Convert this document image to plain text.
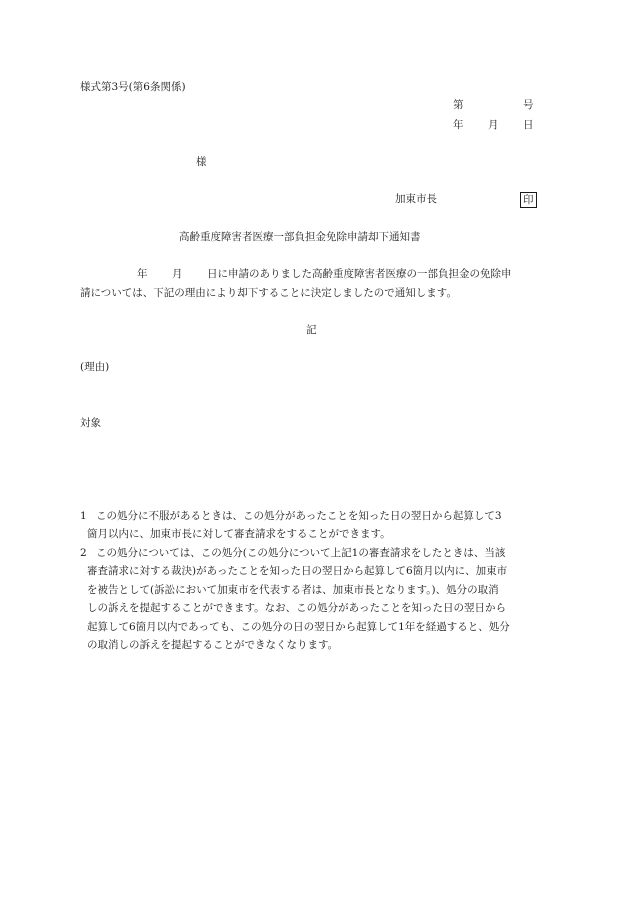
様式第3号(第6条関係)
第	号
年 月 日
様
加東市長	印
高齢重度障害者医療一部負担金免除申請却下通知書
年 月 日に申請のありました高齢重度障害者医療の一部負担金の免除申
請については、下記の理由により却下することに決定しましたので通知します。
記
(理由)
対象
1 この処分に不服があるときは、この処分があったことを知った日の翌日から起算して3
箇月以内に、加東市長に対して審査請求をすることができます。
2 この処分については、この処分(この処分について上記1の審査請求をしたときは、当該
審査請求に対する裁決)があったことを知った日の翌日から起算して6箇月以内に、加東市
を被告として(訴訟において加東市を代表する者は、加東市長となります。)、処分の取消
しの訴えを提起することができます。なお、この処分があったことを知った日の翌日から
起算して6箇月以内であっても、この処分の日の翌日から起算して1年を経過すると、処分
の取消しの訴えを提起することができなくなります。
